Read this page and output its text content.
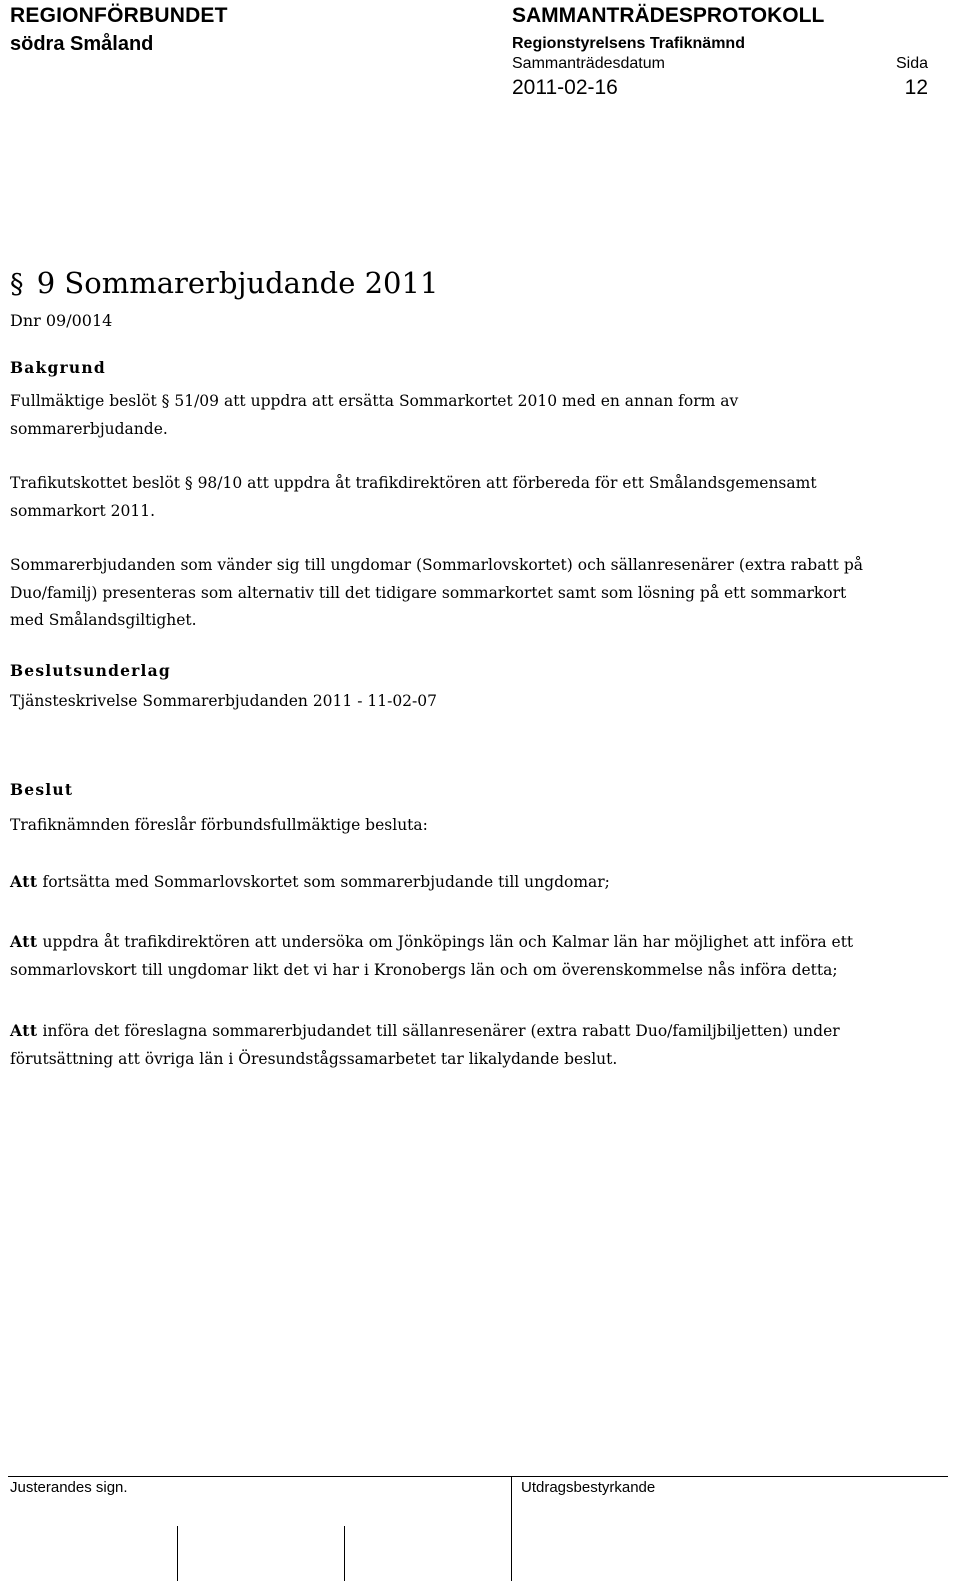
REGIONFÖRBUNDET
södra Småland
SAMMANTRÄDESPROTOKOLL
Regionstyrelsens Trafiknämnd
Sammanträdesdatum	Sida
2011-02-16	12
§ 9 Sommarerbjudande 2011
Dnr 09/0014
Bakgrund
Fullmäktige beslöt § 51/09 att uppdra att ersätta Sommarkortet 2010 med en annan form av
sommarerbjudande.
Trafikutskottet beslöt § 98/10 att uppdra åt trafikdirektören att förbereda för ett Smålandsgemensamt
sommarkort 2011.
Sommarerbjudanden som vänder sig till ungdomar (Sommarlovskortet) och sällanresenärer (extra rabatt på
Duo/familj) presenteras som alternativ till det tidigare sommarkortet samt som lösning på ett sommarkort
med Smålandsgiltighet.
Beslutsunderlag
Tjänsteskrivelse Sommarerbjudanden 2011 - 11-02-07
Beslut
Trafiknämnden föreslår förbundsfullmäktige besluta:
Att fortsätta med Sommarlovskortet som sommarerbjudande till ungdomar;
Att uppdra åt trafikdirektören att undersöka om Jönköpings län och Kalmar län har möjlighet att införa ett
sommarlovskort till ungdomar likt det vi har i Kronobergs län och om överenskommelse nås införa detta;
Att införa det föreslagna sommarerbjudandet till sällanresenärer (extra rabatt Duo/familjbiljetten) under
förutsättning att övriga län i Öresundstågssamarbetet tar likalydande beslut.
Justerandes sign.	Utdragsbestyrkande
